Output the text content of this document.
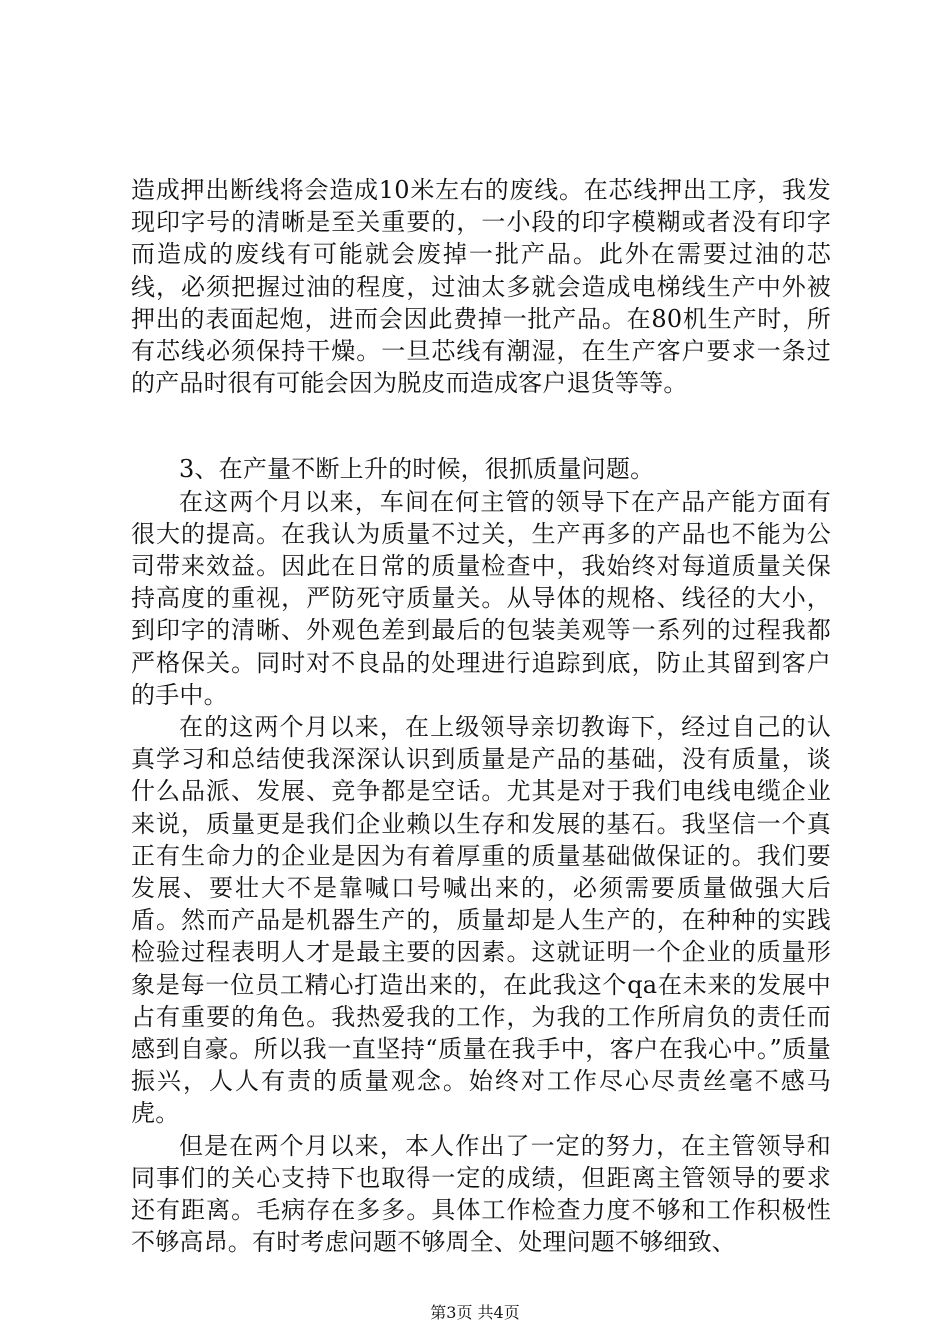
造成押出断线将会造成10米左右的废线。在芯线押出工序，我发现印字号的清晰是至关重要的，一小段的印字模糊或者没有印字而造成的废线有可能就会废掉一批产品。此外在需要过油的芯线，必须把握过油的程度，过油太多就会造成电梯线生产中外被押出的表面起炮，进而会因此费掉一批产品。在80机生产时，所有芯线必须保持干燥。一旦芯线有潮湿，在生产客户要求一条过的产品时很有可能会因为脱皮而造成客户退货等等。

3、在产量不断上升的时候，很抓质量问题。

在这两个月以来，车间在何主管的领导下在产品产能方面有很大的提高。在我认为质量不过关，生产再多的产品也不能为公司带来效益。因此在日常的质量检查中，我始终对每道质量关保持高度的重视，严防死守质量关。从导体的规格、线径的大小，到印字的清晰、外观色差到最后的包装美观等一系列的过程我都严格保关。同时对不良品的处理进行追踪到底，防止其留到客户的手中。

在的这两个月以来，在上级领导亲切教诲下，经过自己的认真学习和总结使我深深认识到质量是产品的基础，没有质量，谈什么品派、发展、竞争都是空话。尤其是对于我们电线电缆企业来说，质量更是我们企业赖以生存和发展的基石。我坚信一个真正有生命力的企业是因为有着厚重的质量基础做保证的。我们要发展、要壮大不是靠喊口号喊出来的，必须需要质量做强大后盾。然而产品是机器生产的，质量却是人生产的，在种种的实践检验过程表明人才是最主要的因素。这就证明一个企业的质量形象是每一位员工精心打造出来的，在此我这个qa在未来的发展中占有重要的角色。我热爱我的工作，为我的工作所肩负的责任而感到自豪。所以我一直坚持“质量在我手中，客户在我心中。”质量振兴，人人有责的质量观念。始终对工作尽心尽责丝毫不感马虎。

但是在两个月以来，本人作出了一定的努力，在主管领导和同事们的关心支持下也取得一定的成绩，但距离主管领导的要求还有距离。毛病存在多多。具体工作检查力度不够和工作积极性不够高昂。有时考虑问题不够周全、处理问题不够细致、

第3页 共4页
